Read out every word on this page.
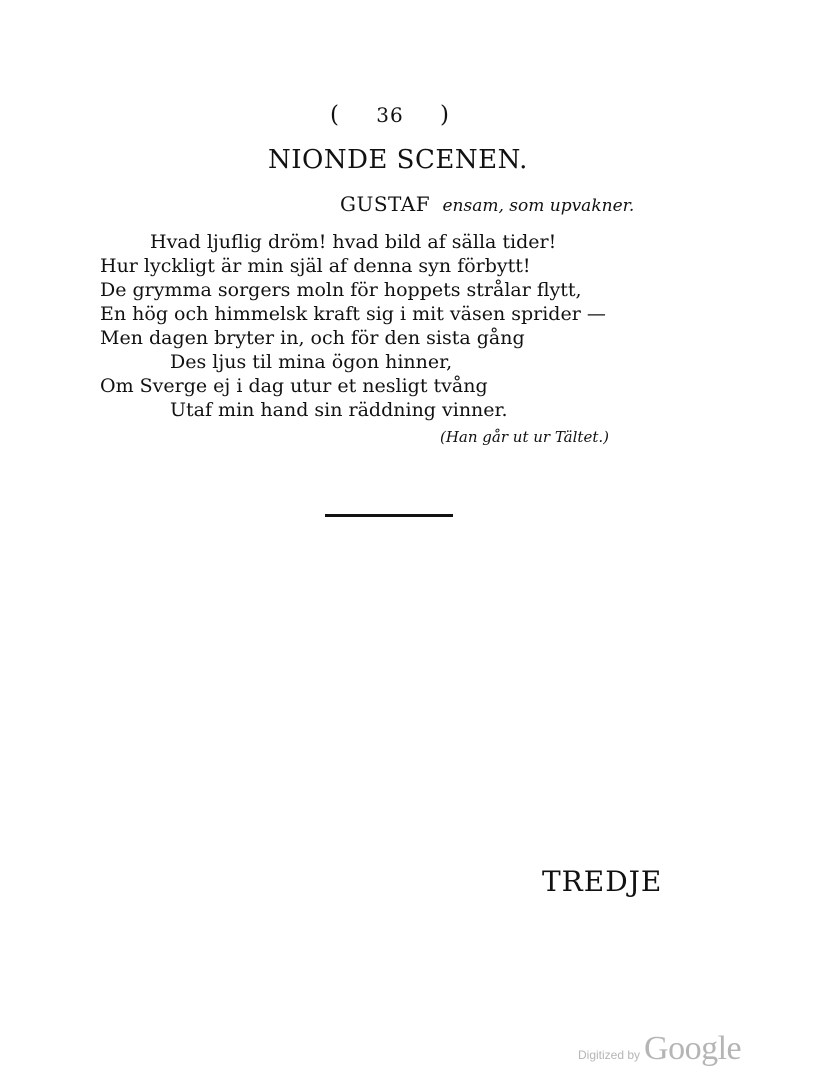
( 36 )
NIONDE SCENEN.
GUSTAF ensam, som upvakner.
Hvad ljuflig dröm! hvad bild af sälla tider!
Hur lyckligt är min själ af denna syn förbytt!
De grymma sorgers moln för hoppets strålar flytt,
En hög och himmelsk kraft sig i mit väsen sprider —
Men dagen bryter in, och för den sista gång
Des ljus til mina ögon hinner,
Om Sverge ej i dag utur et nesligt tvång
Utaf min hand sin räddning vinner.
(Han går ut ur Tältet.)
TREDJE
Digitized by Google
